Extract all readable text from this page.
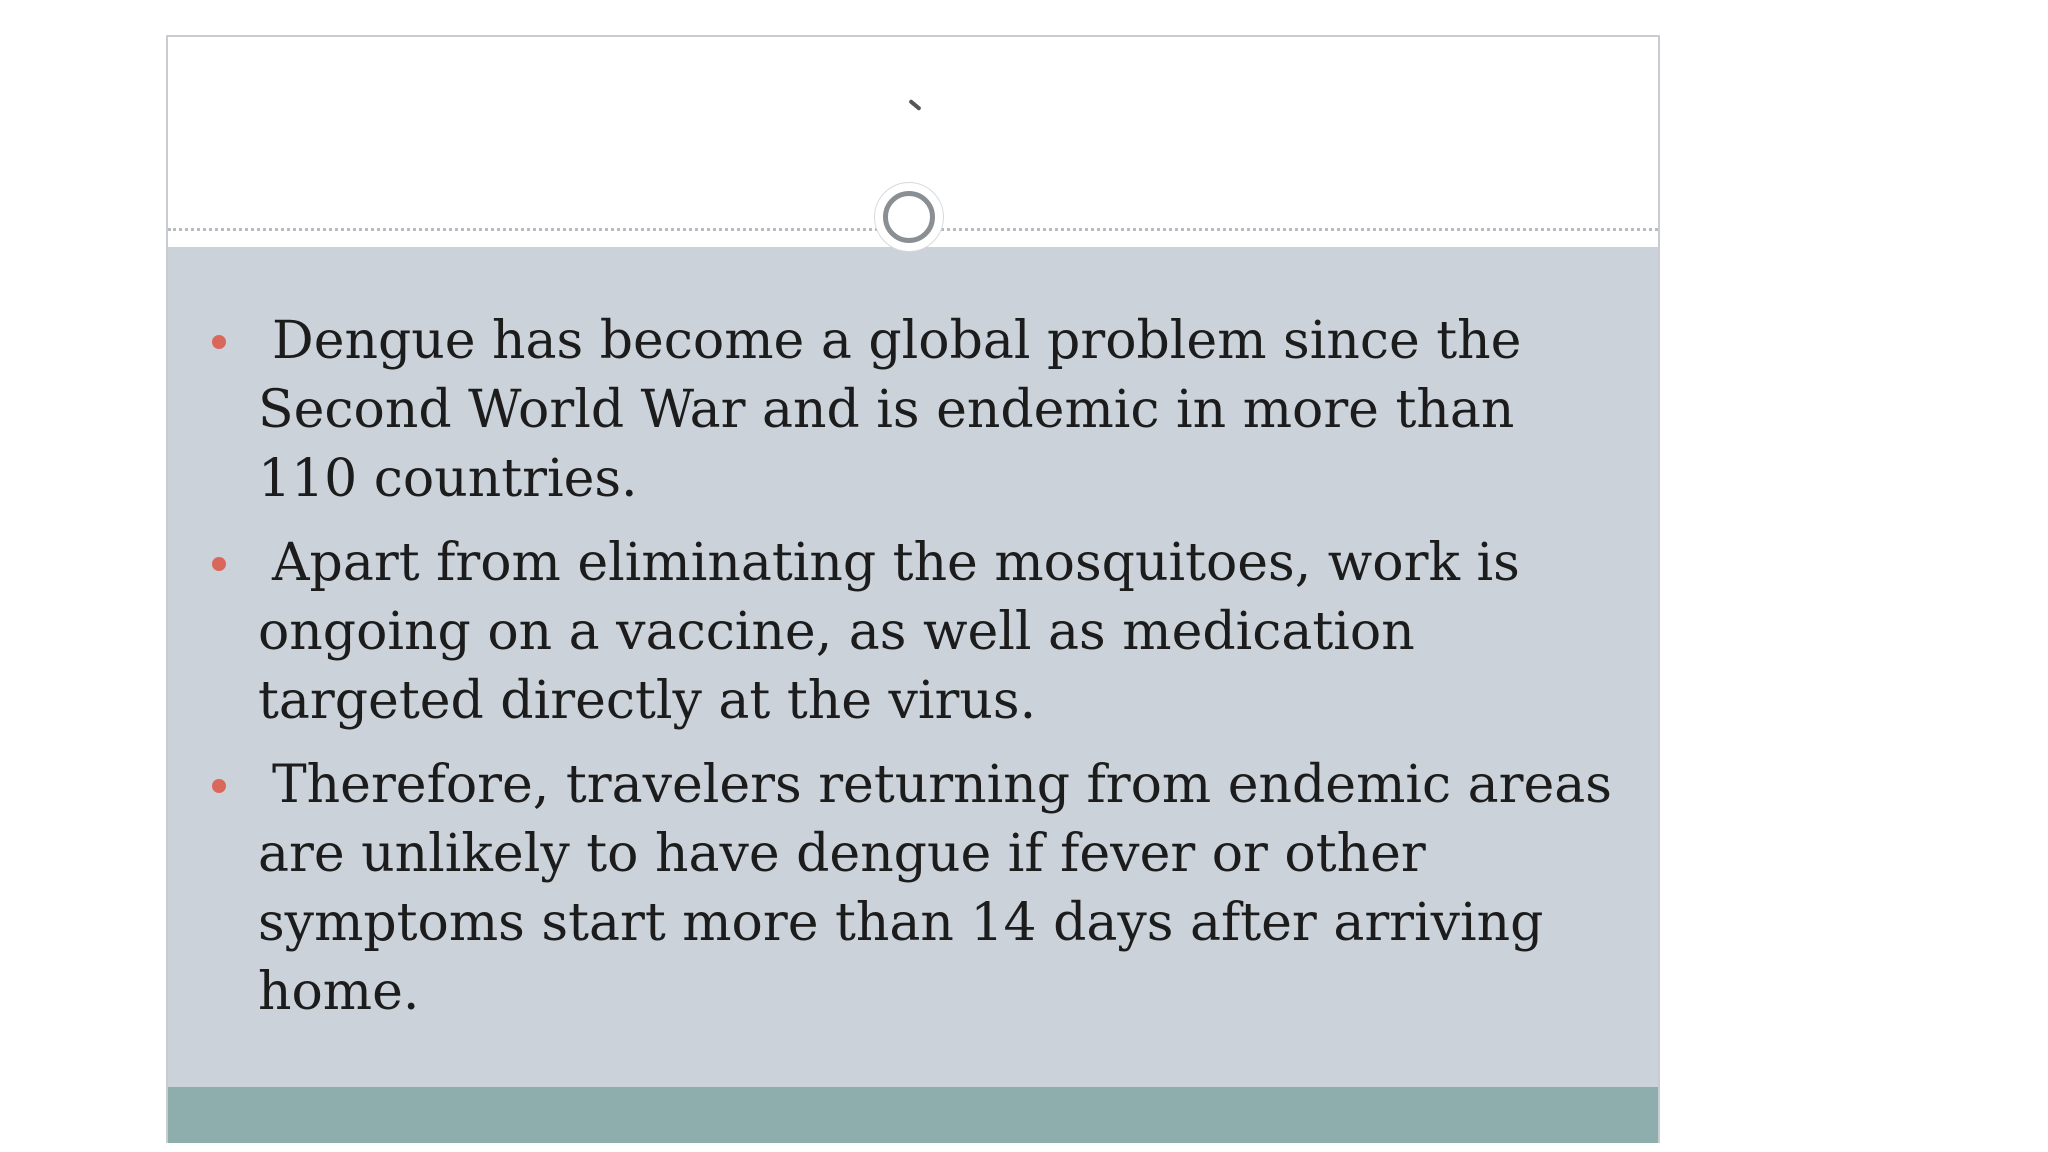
Dengue has become a global problem since the Second World War and is endemic in more than 110 countries.
Apart from eliminating the mosquitoes, work is ongoing on a vaccine, as well as medication targeted directly at the virus.
Therefore, travelers returning from endemic areas are unlikely to have dengue if fever or other symptoms start more than 14 days after arriving home.
